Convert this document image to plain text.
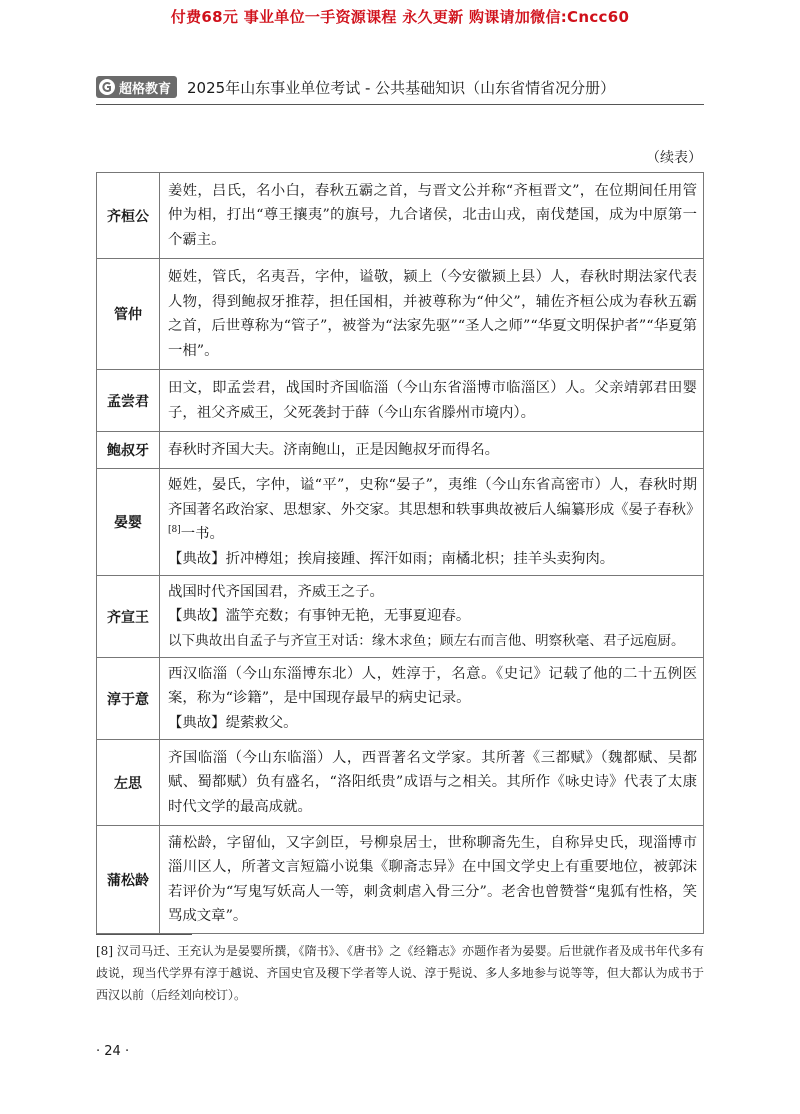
付费68元 事业单位一手资源课程 永久更新 购课请加微信:Cncc60
超格教育 2025年山东事业单位考试 - 公共基础知识（山东省情省况分册）
（续表）
齐桓公	姜姓，吕氏，名小白，春秋五霸之首，与晋文公并称“齐桓晋文”，在位期间任用管仲为相，打出“尊王攘夷”的旗号，九合诸侯，北击山戎，南伐楚国，成为中原第一个霸主。

管仲	姬姓，管氏，名夷吾，字仲，谥敬，颍上（今安徽颍上县）人，春秋时期法家代表人物，得到鲍叔牙推荐，担任国相，并被尊称为“仲父”，辅佐齐桓公成为春秋五霸之首，后世尊称为“管子”，被誉为“法家先驱”“圣人之师”“华夏文明保护者”“华夏第一相”。

孟尝君	田文，即孟尝君，战国时齐国临淄（今山东省淄博市临淄区）人。父亲靖郭君田婴子，祖父齐威王，父死袭封于薛（今山东省滕州市境内）。

鲍叔牙	春秋时齐国大夫。济南鲍山，正是因鲍叔牙而得名。

晏婴	姬姓，晏氏，字仲，谥“平”，史称“晏子”，夷维（今山东省高密市）人，春秋时期齐国著名政治家、思想家、外交家。其思想和轶事典故被后人编纂形成《晏子春秋》[8]一书。

【典故】折冲樽俎；挨肩接踵、挥汗如雨；南橘北枳；挂羊头卖狗肉。

齐宣王	战国时代齐国国君，齐威王之子。

【典故】滥竽充数；有事钟无艳，无事夏迎春。

以下典故出自孟子与齐宣王对话：缘木求鱼；顾左右而言他、明察秋毫、君子远庖厨。

淳于意	西汉临淄（今山东淄博东北）人，姓淳于，名意。《史记》记载了他的二十五例医案，称为“诊籍”，是中国现存最早的病史记录。

【典故】缇萦救父。

左思	齐国临淄（今山东临淄）人，西晋著名文学家。其所著《三都赋》（魏都赋、吴都赋、蜀都赋）负有盛名，“洛阳纸贵”成语与之相关。其所作《咏史诗》代表了太康时代文学的最高成就。

蒲松龄	蒲松龄，字留仙，又字剑臣，号柳泉居士，世称聊斋先生，自称异史氏，现淄博市淄川区人，所著文言短篇小说集《聊斋志异》在中国文学史上有重要地位，被郭沫若评价为“写鬼写妖高人一等，刺贪刺虐入骨三分”。老舍也曾赞誉“鬼狐有性格，笑骂成文章”。

[8] 汉司马迁、王充认为是晏婴所撰，《隋书》、《唐书》之《经籍志》亦题作者为晏婴。后世就作者及成书年代多有歧说，现当代学界有淳于越说、齐国史官及稷下学者等人说、淳于髡说、多人多地参与说等等，但大都认为成书于西汉以前（后经刘向校订）。
· 24 ·
